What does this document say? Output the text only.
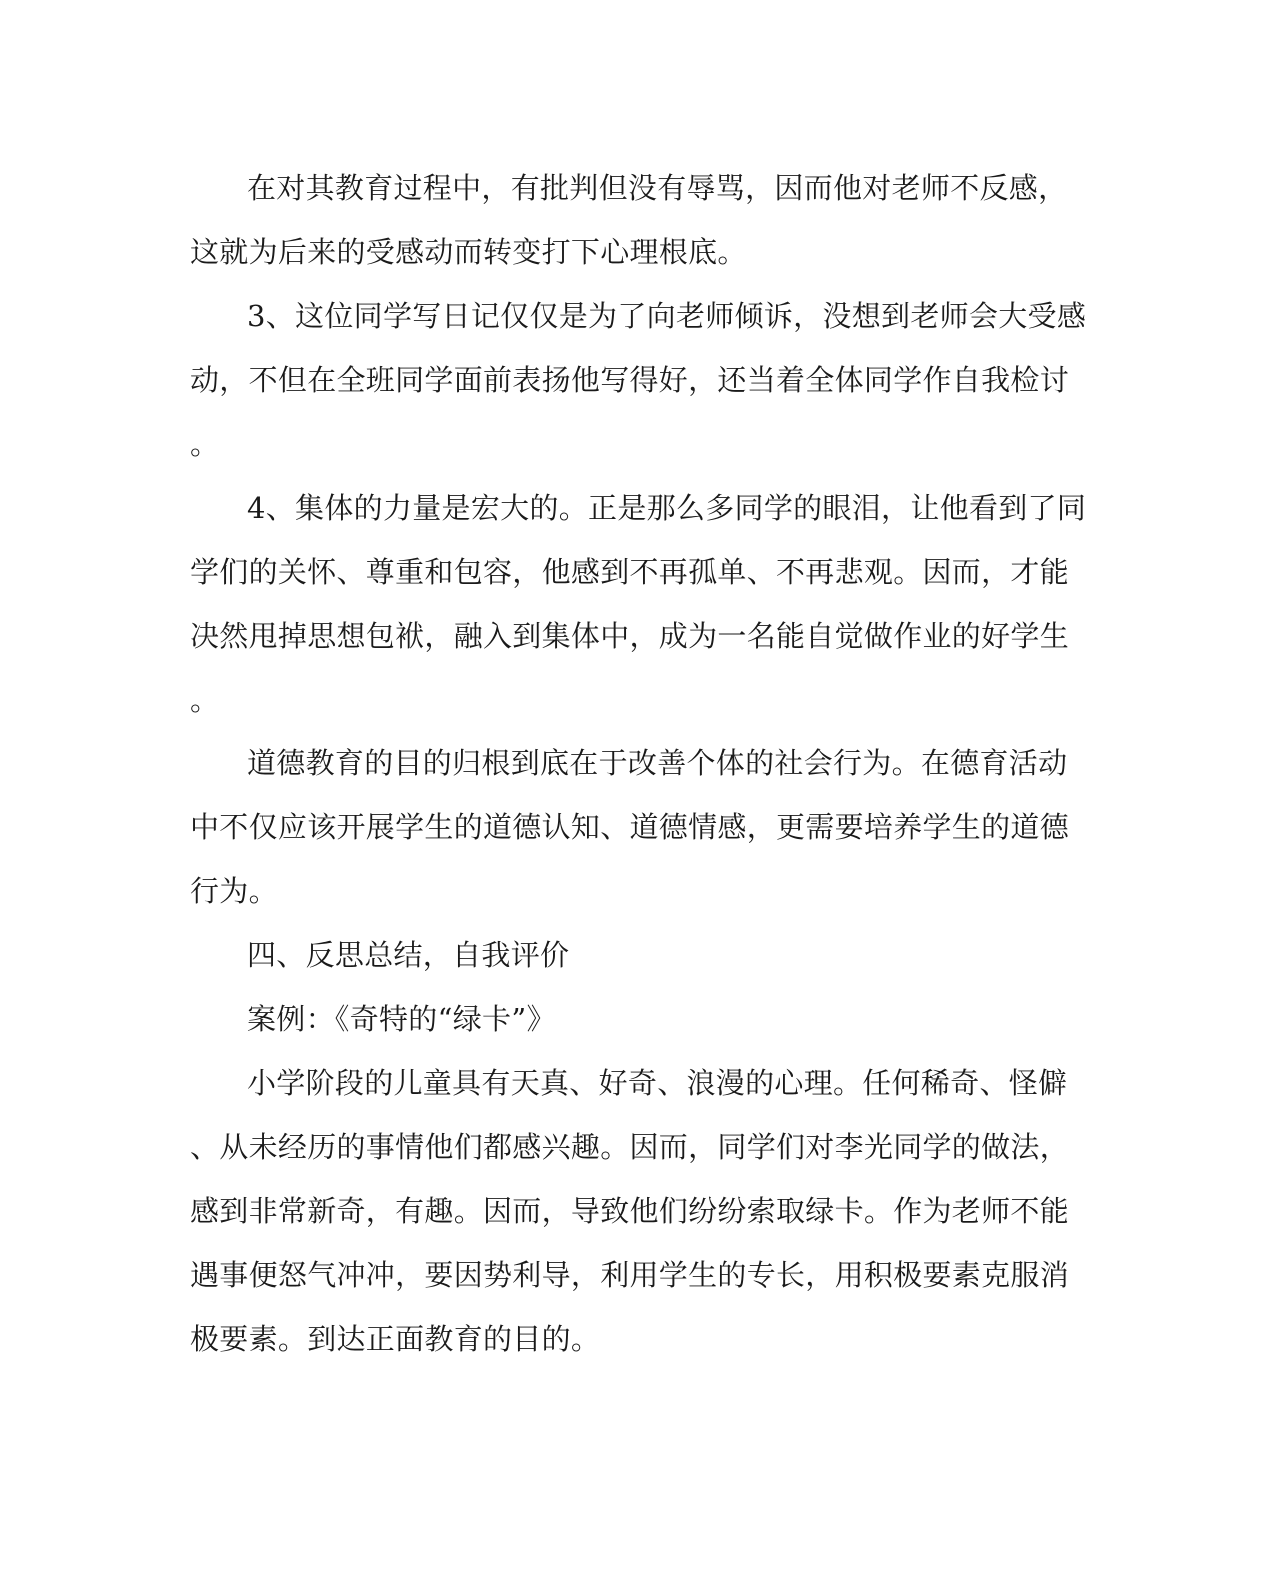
在对其教育过程中，有批判但没有辱骂，因而他对老师不反感，
这就为后来的受感动而转变打下心理根底。
3、这位同学写日记仅仅是为了向老师倾诉，没想到老师会大受感
动，不但在全班同学面前表扬他写得好，还当着全体同学作自我检讨
。
4、集体的力量是宏大的。正是那么多同学的眼泪，让他看到了同
学们的关怀、尊重和包容，他感到不再孤单、不再悲观。因而，才能
决然甩掉思想包袱，融入到集体中，成为一名能自觉做作业的好学生
。
道德教育的目的归根到底在于改善个体的社会行为。在德育活动
中不仅应该开展学生的道德认知、道德情感，更需要培养学生的道德
行为。
四、反思总结，自我评价
案例：《奇特的“绿卡”》
小学阶段的儿童具有天真、好奇、浪漫的心理。任何稀奇、怪僻
、从未经历的事情他们都感兴趣。因而，同学们对李光同学的做法，
感到非常新奇，有趣。因而，导致他们纷纷索取绿卡。作为老师不能
遇事便怒气冲冲，要因势利导，利用学生的专长，用积极要素克服消
极要素。到达正面教育的目的。
